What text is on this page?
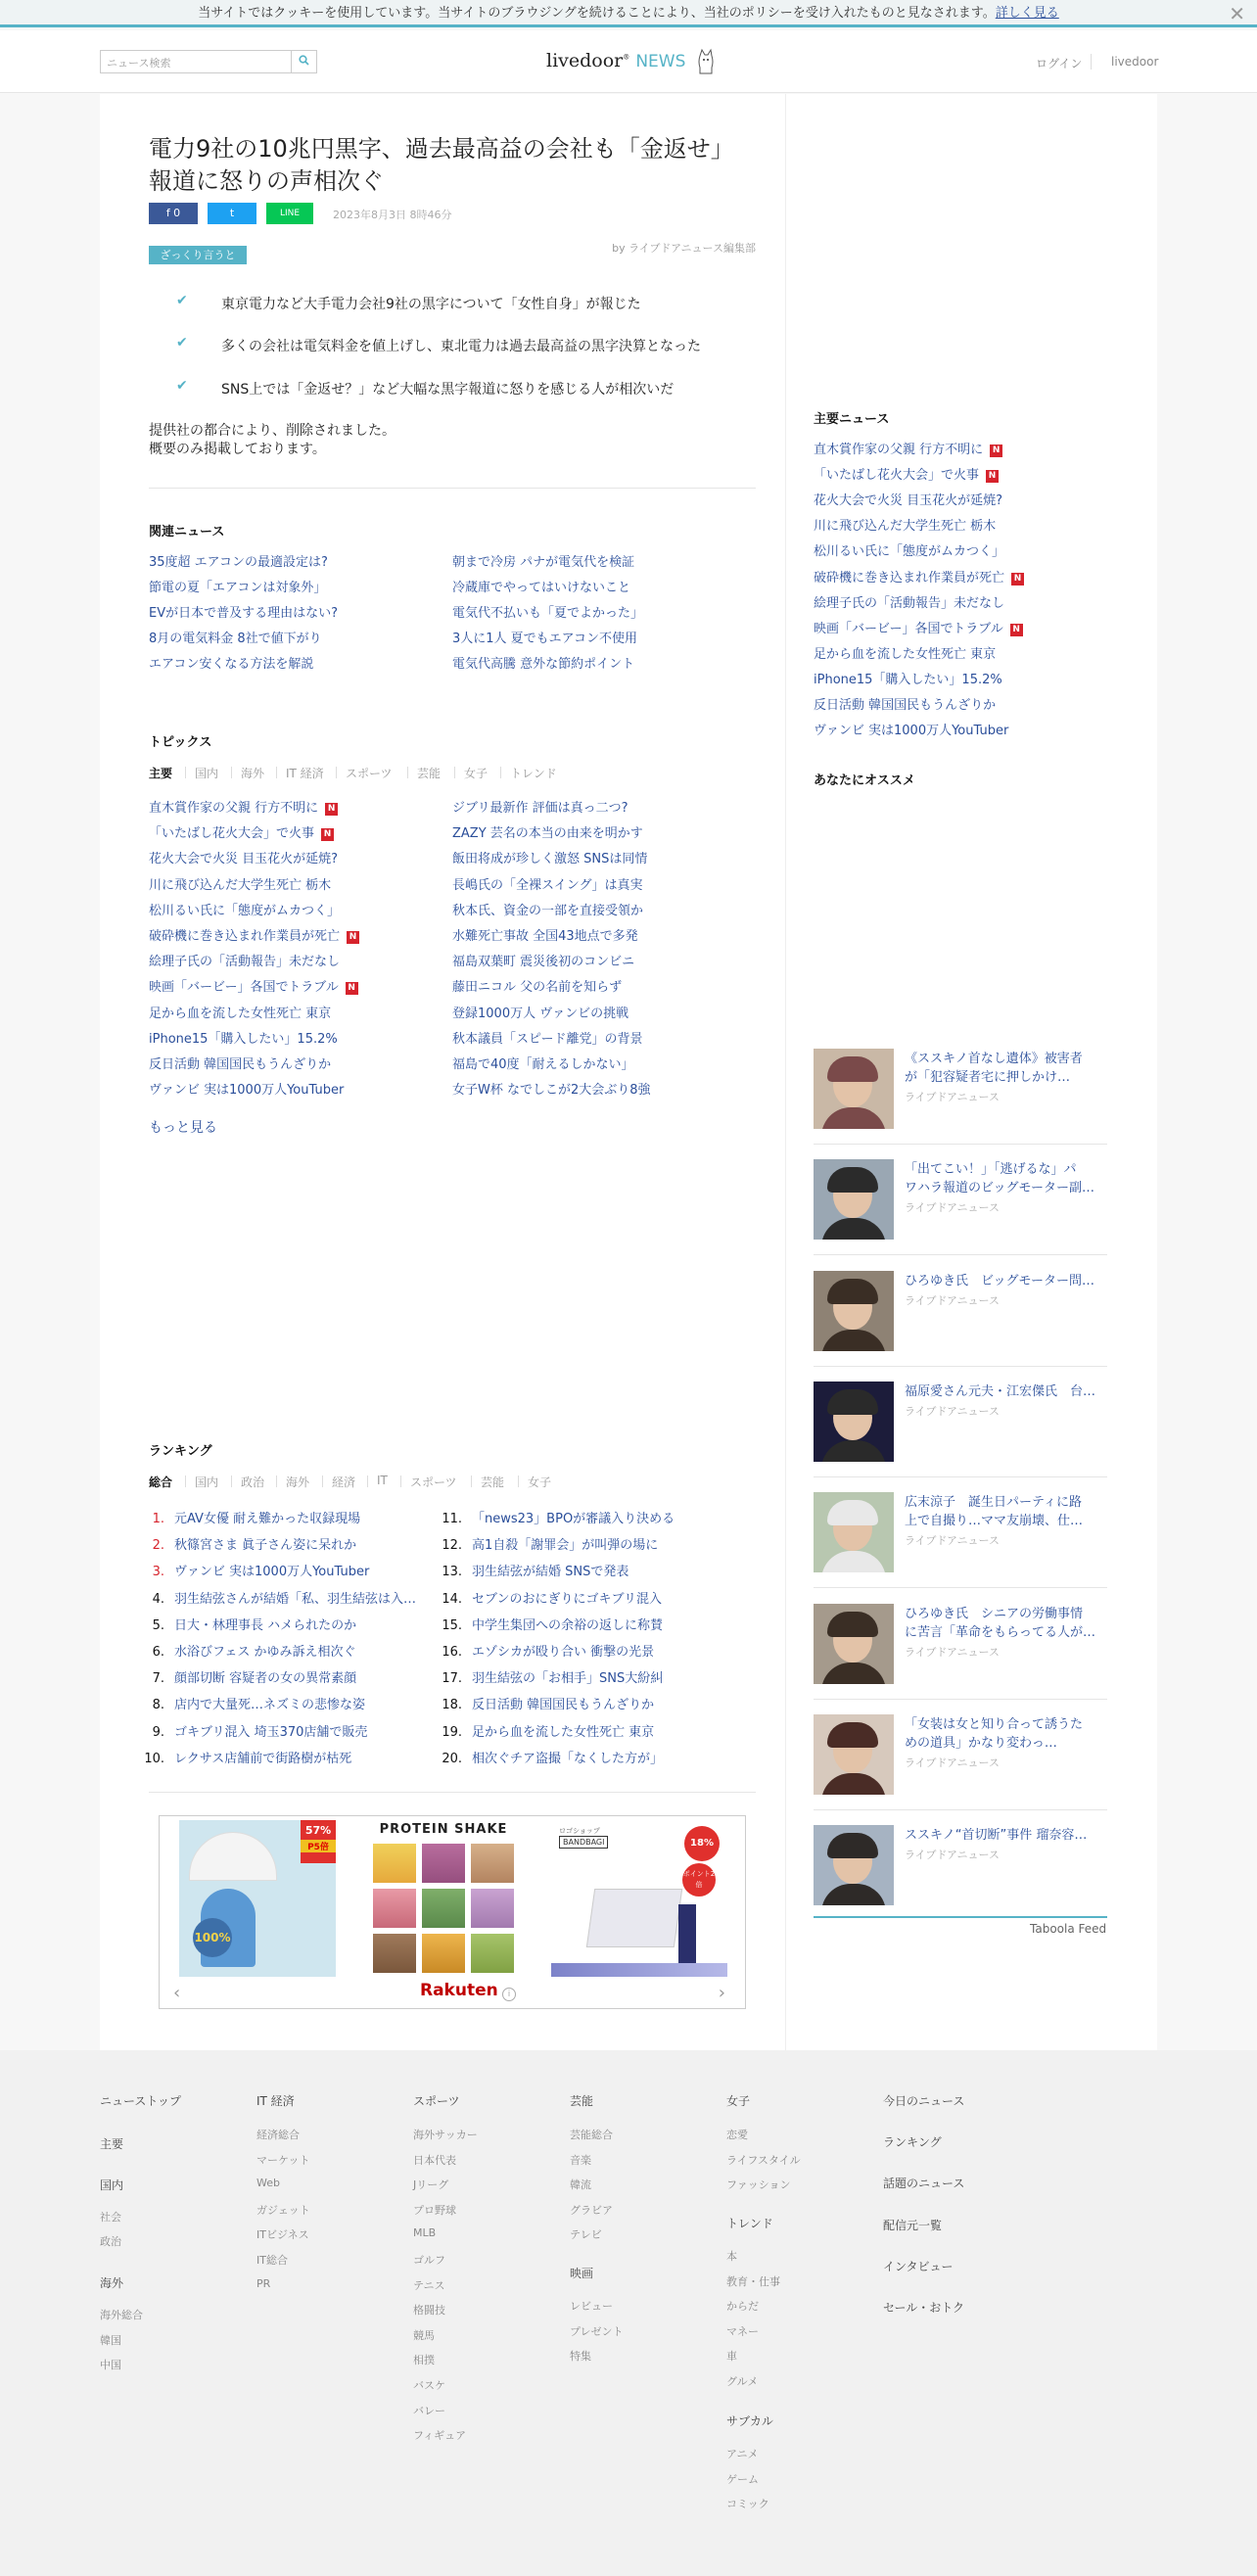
当サイトではクッキーを使用しています。当サイトのブラウジングを続けることにより、当社のポリシーを受け入れたものと見なされます。詳しく見る	✕
ニュース検索	livedoor® NEWS	ログイン livedoor
電力9社の10兆円黒字、過去最高益の会社も「金返せ」報道に怒りの声相次ぐ
f 0	t	LINE	2023年8月3日 8時46分
ざっくり言うと
by ライブドアニュース編集部
✔ 東京電力など大手電力会社9社の黒字について「女性自身」が報じた
✔ 多くの会社は電気料金を値上げし、東北電力は過去最高益の黒字決算となった
✔ SNS上では「金返せ？」など大幅な黒字報道に怒りを感じる人が相次いだ
提供社の都合により、削除されました。
概要のみ掲載しております。
関連ニュース
35度超 エアコンの最適設定は?
節電の夏「エアコンは対象外」
EVが日本で普及する理由はない?
8月の電気料金 8社で値下がり
エアコン安くなる方法を解説
朝まで冷房 パナが電気代を検証
冷蔵庫でやってはいけないこと
電気代不払いも「夏でよかった」
3人に1人 夏でもエアコン不使用
電気代高騰 意外な節約ポイント
トピックス
主要 国内 海外 IT 経済 スポーツ 芸能 女子 トレンド
直木賞作家の父親 行方不明に N
「いたばし花火大会」で火事 N
花火大会で火災 目玉花火が延焼?
川に飛び込んだ大学生死亡 栃木
松川るい氏に「態度がムカつく」
破砕機に巻き込まれ作業員が死亡 N
絵理子氏の「活動報告」未だなし
映画「バービー」各国でトラブル N
足から血を流した女性死亡 東京
iPhone15「購入したい」15.2%
反日活動 韓国国民もうんざりか
ヴァンビ 実は1000万人YouTuber
ジブリ最新作 評価は真っ二つ?
ZAZY 芸名の本当の由来を明かす
飯田将成が珍しく激怒 SNSは同情
長嶋氏の「全裸スイング」は真実
秋本氏、資金の一部を直接受領か
水難死亡事故 全国43地点で多発
福島双葉町 震災後初のコンビニ
藤田ニコル 父の名前を知らず
登録1000万人 ヴァンビの挑戦
秋本議員「スピード離党」の背景
福島で40度「耐えるしかない」
女子W杯 なでしこが2大会ぶり8強
もっと見る
ランキング
総合 国内 政治 海外 経済 IT スポーツ 芸能 女子
1. 元AV女優 耐え難かった収録現場
2. 秋篠宮さま 眞子さん姿に呆れか
3. ヴァンビ 実は1000万人YouTuber
4. 羽生結弦さんが結婚「私、羽生結弦は入…
5. 日大・林理事長 ハメられたのか
6. 水浴びフェス かゆみ訴え相次ぐ
7. 顔部切断 容疑者の女の異常素顔
8. 店内で大量死…ネズミの悲惨な姿
9. ゴキブリ混入 埼玉370店舗で販売
10. レクサス店舗前で街路樹が枯死
11. 「news23」BPOが審議入り決める
12. 高1自殺「謝罪会」が叫弾の場に
13. 羽生結弦が結婚 SNSで発表
14. セブンのおにぎりにゴキブリ混入
15. 中学生集団への余裕の返しに称賛
16. エゾシカが殴り合い 衝撃の光景
17. 羽生結弦の「お相手」SNS大紛糾
18. 反日活動 韓国国民もうんざりか
19. 足から血を流した女性死亡 東京
20. 相次ぐチア盗撮「なくした方が」
57%
P5倍
100%
PROTEIN SHAKE	ロゴショップ
BANDBAGI	18%
ポイント2倍
‹	Rakuten	i	›
主要ニュース
直木賞作家の父親 行方不明に N
「いたばし花火大会」で火事 N
花火大会で火災 目玉花火が延焼?
川に飛び込んだ大学生死亡 栃木
松川るい氏に「態度がムカつく」
破砕機に巻き込まれ作業員が死亡 N
絵理子氏の「活動報告」未だなし
映画「バービー」各国でトラブル N
足から血を流した女性死亡 東京
iPhone15「購入したい」15.2%
反日活動 韓国国民もうんざりか
ヴァンビ 実は1000万人YouTuber
あなたにオススメ
《ススキノ首なし遺体》被害者
が「犯容疑者宅に押しかけ…
ライブドアニュース
「出てこい！」「逃げるな」パ
ワハラ報道のビッグモーター副…
ライブドアニュース
ひろゆき氏　ビッグモーター問…
ライブドアニュース
福原愛さん元夫・江宏傑氏　台…
ライブドアニュース
広末涼子　誕生日パーティに路
上で自撮り…ママ友崩壊、仕…
ライブドアニュース
ひろゆき氏　シニアの労働事情
に苦言「革命をもらってる人が…
ライブドアニュース
「女装は女と知り合って誘うた
めの道具」かなり変わっ…
ライブドアニュース
ススキノ“首切断”事件 瑠奈容…
ライブドアニュース
Taboola Feed
ニューストップ
主要
国内
社会
政治
海外
海外総合
韓国
中国
IT 経済
経済総合
マーケット
Web
ガジェット
ITビジネス
IT総合
PR
スポーツ
海外サッカー
日本代表
Jリーグ
プロ野球
MLB
ゴルフ
テニス
格闘技
競馬
相撲
バスケ
バレー
フィギュア
芸能
芸能総合
音楽
韓流
グラビア
テレビ
映画
レビュー
プレゼント
特集
女子
恋愛
ライフスタイル
ファッション
トレンド
本
教育・仕事
からだ
マネー
車
グルメ
サブカル
アニメ
ゲーム
コミック
今日のニュース
ランキング
話題のニュース
配信元一覧
インタビュー
セール・おトク
